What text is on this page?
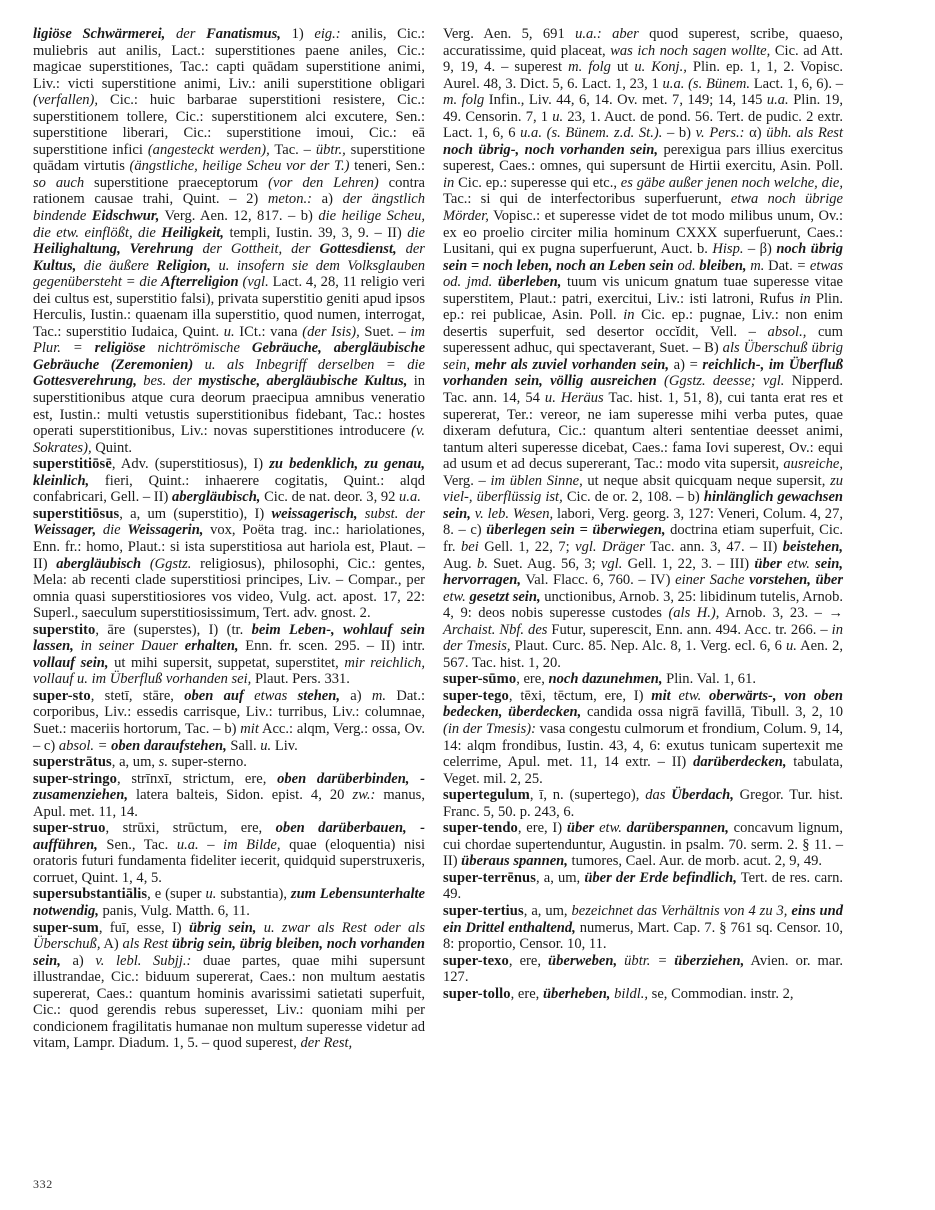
ligiöse Schwärmerei, der Fanatismus, 1) eig.: anilis, Cic.: muliebris aut anilis, Lact.: superstitiones paene aniles, Cic.: magicae superstitiones, Tac.: capti quādam superstitione animi, Liv.: victi superstitione animi, Liv.: anili superstitione obligari (verfallen), Cic.: huic barbarae superstitioni resistere, Cic.: superstitionem tollere, Cic.: superstitionem alci excutere, Sen.: superstitione liberari, Cic.: superstitione imoui, Cic.: eā superstitione infici (angesteckt werden), Tac. – übtr., superstitione quādam virtutis (ängstliche, heilige Scheu vor der T.) teneri, Sen.: so auch superstitione praeceptorum (vor den Lehren) contra rationem causae trahi, Quint. – 2) meton.: a) der ängstlich bindende Eidschwur, Verg. Aen. 12, 817. – b) die heilige Scheu, die etw. einflößt, die Heiligkeit, templi, Iustin. 39, 3, 9. – II) die Heilighaltung, Verehrung der Gottheit, der Gottesdienst, der Kultus, die äußere Religion, u. insofern sie dem Volksglauben gegenübersteht = die Afterreligion (vgl. Lact. 4, 28, 11 religio veri dei cultus est, superstitio falsi), privata superstitio geniti apud ipsos Herculis, Iustin.: quaenam illa superstitio, quod numen, interrogat, Tac.: superstitio Iudaica, Quint. u. ICt.: vana (der Isis), Suet. – im Plur. = religiöse nichtrömische Gebräuche, abergläubische Gebräuche (Zeremonien) u. als Inbegriff derselben = die Gottesverehrung, bes. der mystische, abergläubische Kultus, in superstitionibus atque cura deorum praecipua amnibus veneratio est, Iustin.: multi vetustis superstitionibus fidebant, Tac.: hostes operati superstitionibus, Liv.: novas superstitiones introducere (v. Sokrates), Quint.

superstitiōsē, Adv. (superstitiosus), I) zu bedenklich, zu genau, kleinlich, fieri, Quint.: inhaerere cogitatis, Quint.: alqd confabricari, Gell. – II) abergläubisch, Cic. de nat. deor. 3, 92 u.a.

superstitiōsus, a, um (superstitio), I) weissagerisch, subst. der Weissager, die Weissagerin, vox, Poëta trag. inc.: hariolationes, Enn. fr.: homo, Plaut.: si ista superstitiosa aut hariola est, Plaut. – II) abergläubisch (Ggstz. religiosus), philosophi, Cic.: gentes, Mela: ab recenti clade superstitiosi principes, Liv. – Compar., per omnia quasi superstitiosiores vos video, Vulg. act. apost. 17, 22: Superl., saeculum superstitiosissimum, Tert. adv. gnost. 2.

superstito, āre (superstes), I) (tr. beim Leben-, wohlauf sein lassen, in seiner Dauer erhalten, Enn. fr. scen. 295. – II) intr. vollauf sein, ut mihi supersit, suppetat, superstitet, mir reichlich, vollauf u. im Überfluß vorhanden sei, Plaut. Pers. 331.

super-sto, stetī, stāre, oben auf etwas stehen, a) m. Dat.: corporibus, Liv.: essedis carrisque, Liv.: turribus, Liv.: columnae, Suet.: maceriis hortorum, Tac. – b) mit Acc.: alqm, Verg.: ossa, Ov. – c) absol. = oben daraufstehen, Sall. u. Liv.

superstrātus, a, um, s. super-sterno.

super-stringo, strīnxī, strictum, ere, oben darüberbinden, -zusamenziehen, latera balteis, Sidon. epist. 4, 20 zw.: manus, Apul. met. 11, 14.

super-struo, strūxi, strūctum, ere, oben darüberbauen, -aufführen, Sen., Tac. u.a. – im Bilde, quae (eloquentia) nisi oratoris futuri fundamenta fideliter iecerit, quidquid superstruxeris, corruet, Quint. 1, 4, 5.

supersubstantiālis, e (super u. substantia), zum Lebensunterhalte notwendig, panis, Vulg. Matth. 6, 11.

super-sum, fuī, esse, I) übrig sein, u. zwar als Rest oder als Überschuß, A) als Rest übrig sein, übrig bleiben, noch vorhanden sein, a) v. lebl. Subjj.: duae partes, quae mihi supersunt illustrandae, Cic.: biduum supererat, Caes.: non multum aestatis supererat, Caes.: quantum hominis avarissimi satietati superfuit, Cic.: quod gerendis rebus superesset, Liv.: quoniam mihi per condicionem fragilitatis humanae non multum superesse videtur ad vitam, Lampr. Diadum. 1, 5. – quod superest, der Rest,

Verg. Aen. 5, 691 u.a.: aber quod superest, scribe, quaeso, accuratissime, quid placeat, was ich noch sagen wollte, Cic. ad Att. 9, 19, 4. – superest m. folg ut u. Konj., Plin. ep. 1, 1, 2. Vopisc. Aurel. 48, 3. Dict. 5, 6. Lact. 1, 23, 1 u.a. (s. Bünem. Lact. 1, 6, 6). – m. folg Infin., Liv. 44, 6, 14. Ov. met. 7, 149; 14, 145 u.a. Plin. 19, 49. Censorin. 7, 1 u. 23, 1. Auct. de pond. 56. Tert. de pudic. 2 extr. Lact. 1, 6, 6 u.a. (s. Bünem. z.d. St.). – b) v. Pers.: α) übh. als Rest noch übrig-, noch vorhanden sein, perexigua pars illius exercitus superest, Caes.: omnes, qui supersunt de Hirtii exercitu, Asin. Poll. in Cic. ep.: superesse qui etc., es gäbe außer jenen noch welche, die, Tac.: si qui de interfectoribus superfuerunt, etwa noch übrige Mörder, Vopisc.: et superesse videt de tot modo milibus unum, Ov.: ex eo proelio circiter milia hominum CXXX superfuerunt, Caes.: Lusitani, qui ex pugna superfuerunt, Auct. b. Hisp. – β) noch übrig sein = noch leben, noch an Leben sein od. bleiben, m. Dat. = etwas od. jmd. überleben, tuum vis unicum gnatum tuae superesse vitae superstitem, Plaut.: patri, exercitui, Liv.: isti latroni, Rufus in Plin. ep.: rei publicae, Asin. Poll. in Cic. ep.: pugnae, Liv.: non enim desertis superfuit, sed desertor occĭdit, Vell. – absol., cum superessent adhuc, qui spectaverant, Suet. – B) als Überschuß übrig sein, mehr als zuviel vorhanden sein, a) = reichlich-, im Überfluß vorhanden sein, völlig ausreichen (Ggstz. deesse; vgl. Nipperd. Tac. ann. 14, 54 u. Heräus Tac. hist. 1, 51, 8), cui tanta erat res et supererat, Ter.: vereor, ne iam superesse mihi verba putes, quae dixeram defutura, Cic.: quantum alteri sententiae deesset animi, tantum alteri superesse dicebat, Caes.: fama Iovi superest, Ov.: equi ad usum et ad decus supererant, Tac.: modo vita supersit, ausreiche, Verg. – im üblen Sinne, ut neque absit quicquam neque supersit, zu viel-, überflüssig ist, Cic. de or. 2, 108. – b) hinlänglich gewachsen sein, v. leb. Wesen, labori, Verg. georg. 3, 127: Veneri, Colum. 4, 27, 8. – c) überlegen sein = überwiegen, doctrina etiam superfuit, Cic. fr. bei Gell. 1, 22, 7; vgl. Dräger Tac. ann. 3, 47. – II) beistehen, Aug. b. Suet. Aug. 56, 3; vgl. Gell. 1, 22, 3. – III) über etw. sein, hervorragen, Val. Flacc. 6, 760. – IV) einer Sache vorstehen, über etw. gesetzt sein, unctionibus, Arnob. 3, 25: libidinum tutelis, Arnob. 4, 9: deos nobis superesse custodes (als H.), Arnob. 3, 23. – → Archaist. Nbf. des Futur, superescit, Enn. ann. 494. Acc. tr. 266. – in der Tmesis, Plaut. Curc. 85. Nep. Alc. 8, 1. Verg. ecl. 6, 6 u. Aen. 2, 567. Tac. hist. 1, 20.

super-sūmo, ere, noch dazunehmen, Plin. Val. 1, 61.

super-tego, tēxi, tēctum, ere, I) mit etw. oberwärts-, von oben bedecken, überdecken, candida ossa nigrā favillā, Tibull. 3, 2, 10 (in der Tmesis): vasa congestu culmorum et frondium, Colum. 9, 14, 14: alqm frondibus, Iustin. 43, 4, 6: exutus tunicam supertexit me celerrime, Apul. met. 11, 14 extr. – II) darüberdecken, tabulata, Veget. mil. 2, 25.

supertegulum, ī, n. (supertego), das Überdach, Gregor. Tur. hist. Franc. 5, 50. p. 243, 6.

super-tendo, ere, I) über etw. darüberspannen, concavum lignum, cui chordae supertenduntur, Augustin. in psalm. 70. serm. 2. § 11. – II) überaus spannen, tumores, Cael. Aur. de morb. acut. 2, 9, 49.

super-terrēnus, a, um, über der Erde befindlich, Tert. de res. carn. 49.

super-tertius, a, um, bezeichnet das Verhältnis von 4 zu 3, eins und ein Drittel enthaltend, numerus, Mart. Cap. 7. § 761 sq. Censor. 10, 8: proportio, Censor. 10, 11.

super-texo, ere, überweben, übtr. = überziehen, Avien. or. mar. 127.

super-tollo, ere, überheben, bildl., se, Commodian. instr. 2,

332
